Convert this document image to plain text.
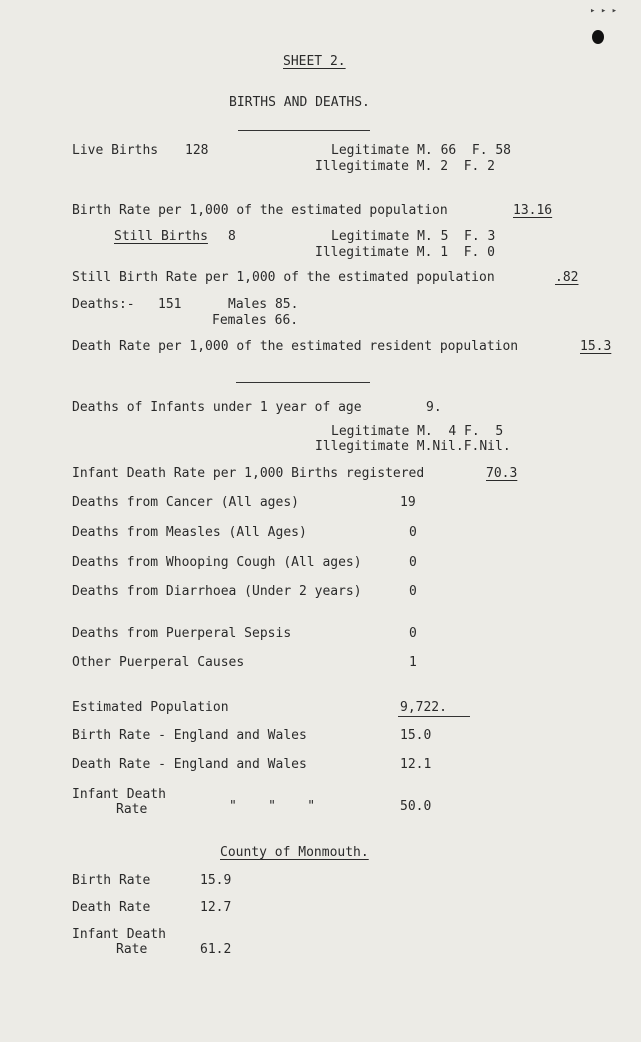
▸ ▸ ▸
SHEET 2.
BIRTHS AND DEATHS.
Live Births 128	Legitimate M. 66  F. 58
Illegitimate M. 2  F. 2
Birth Rate per 1,000 of the estimated population	13.16
Still Births 8	Legitimate M. 5  F. 3
Illegitimate M. 1  F. 0
Still Birth Rate per 1,000 of the estimated population	.82
Deaths:- 151	Males 85.
Females 66.
Death Rate per 1,000 of the estimated resident population	15.3
Deaths of Infants under 1 year of age	9.
Legitimate M.  4 F.  5
Illegitimate M.Nil.F.Nil.
Infant Death Rate per 1,000 Births registered	70.3
Deaths from Cancer (All ages)	19
Deaths from Measles (All Ages)	0
Deaths from Whooping Cough (All ages)	0
Deaths from Diarrhoea (Under 2 years)	0
Deaths from Puerperal Sepsis	0
Other Puerperal Causes	1
Estimated Population	9,722.
Birth Rate - England and Wales	15.0
Death Rate - England and Wales	12.1
Infant Death
Rate	"    "    "	50.0
County of Monmouth.
Birth Rate	15.9
Death Rate	12.7
Infant Death
Rate	61.2
